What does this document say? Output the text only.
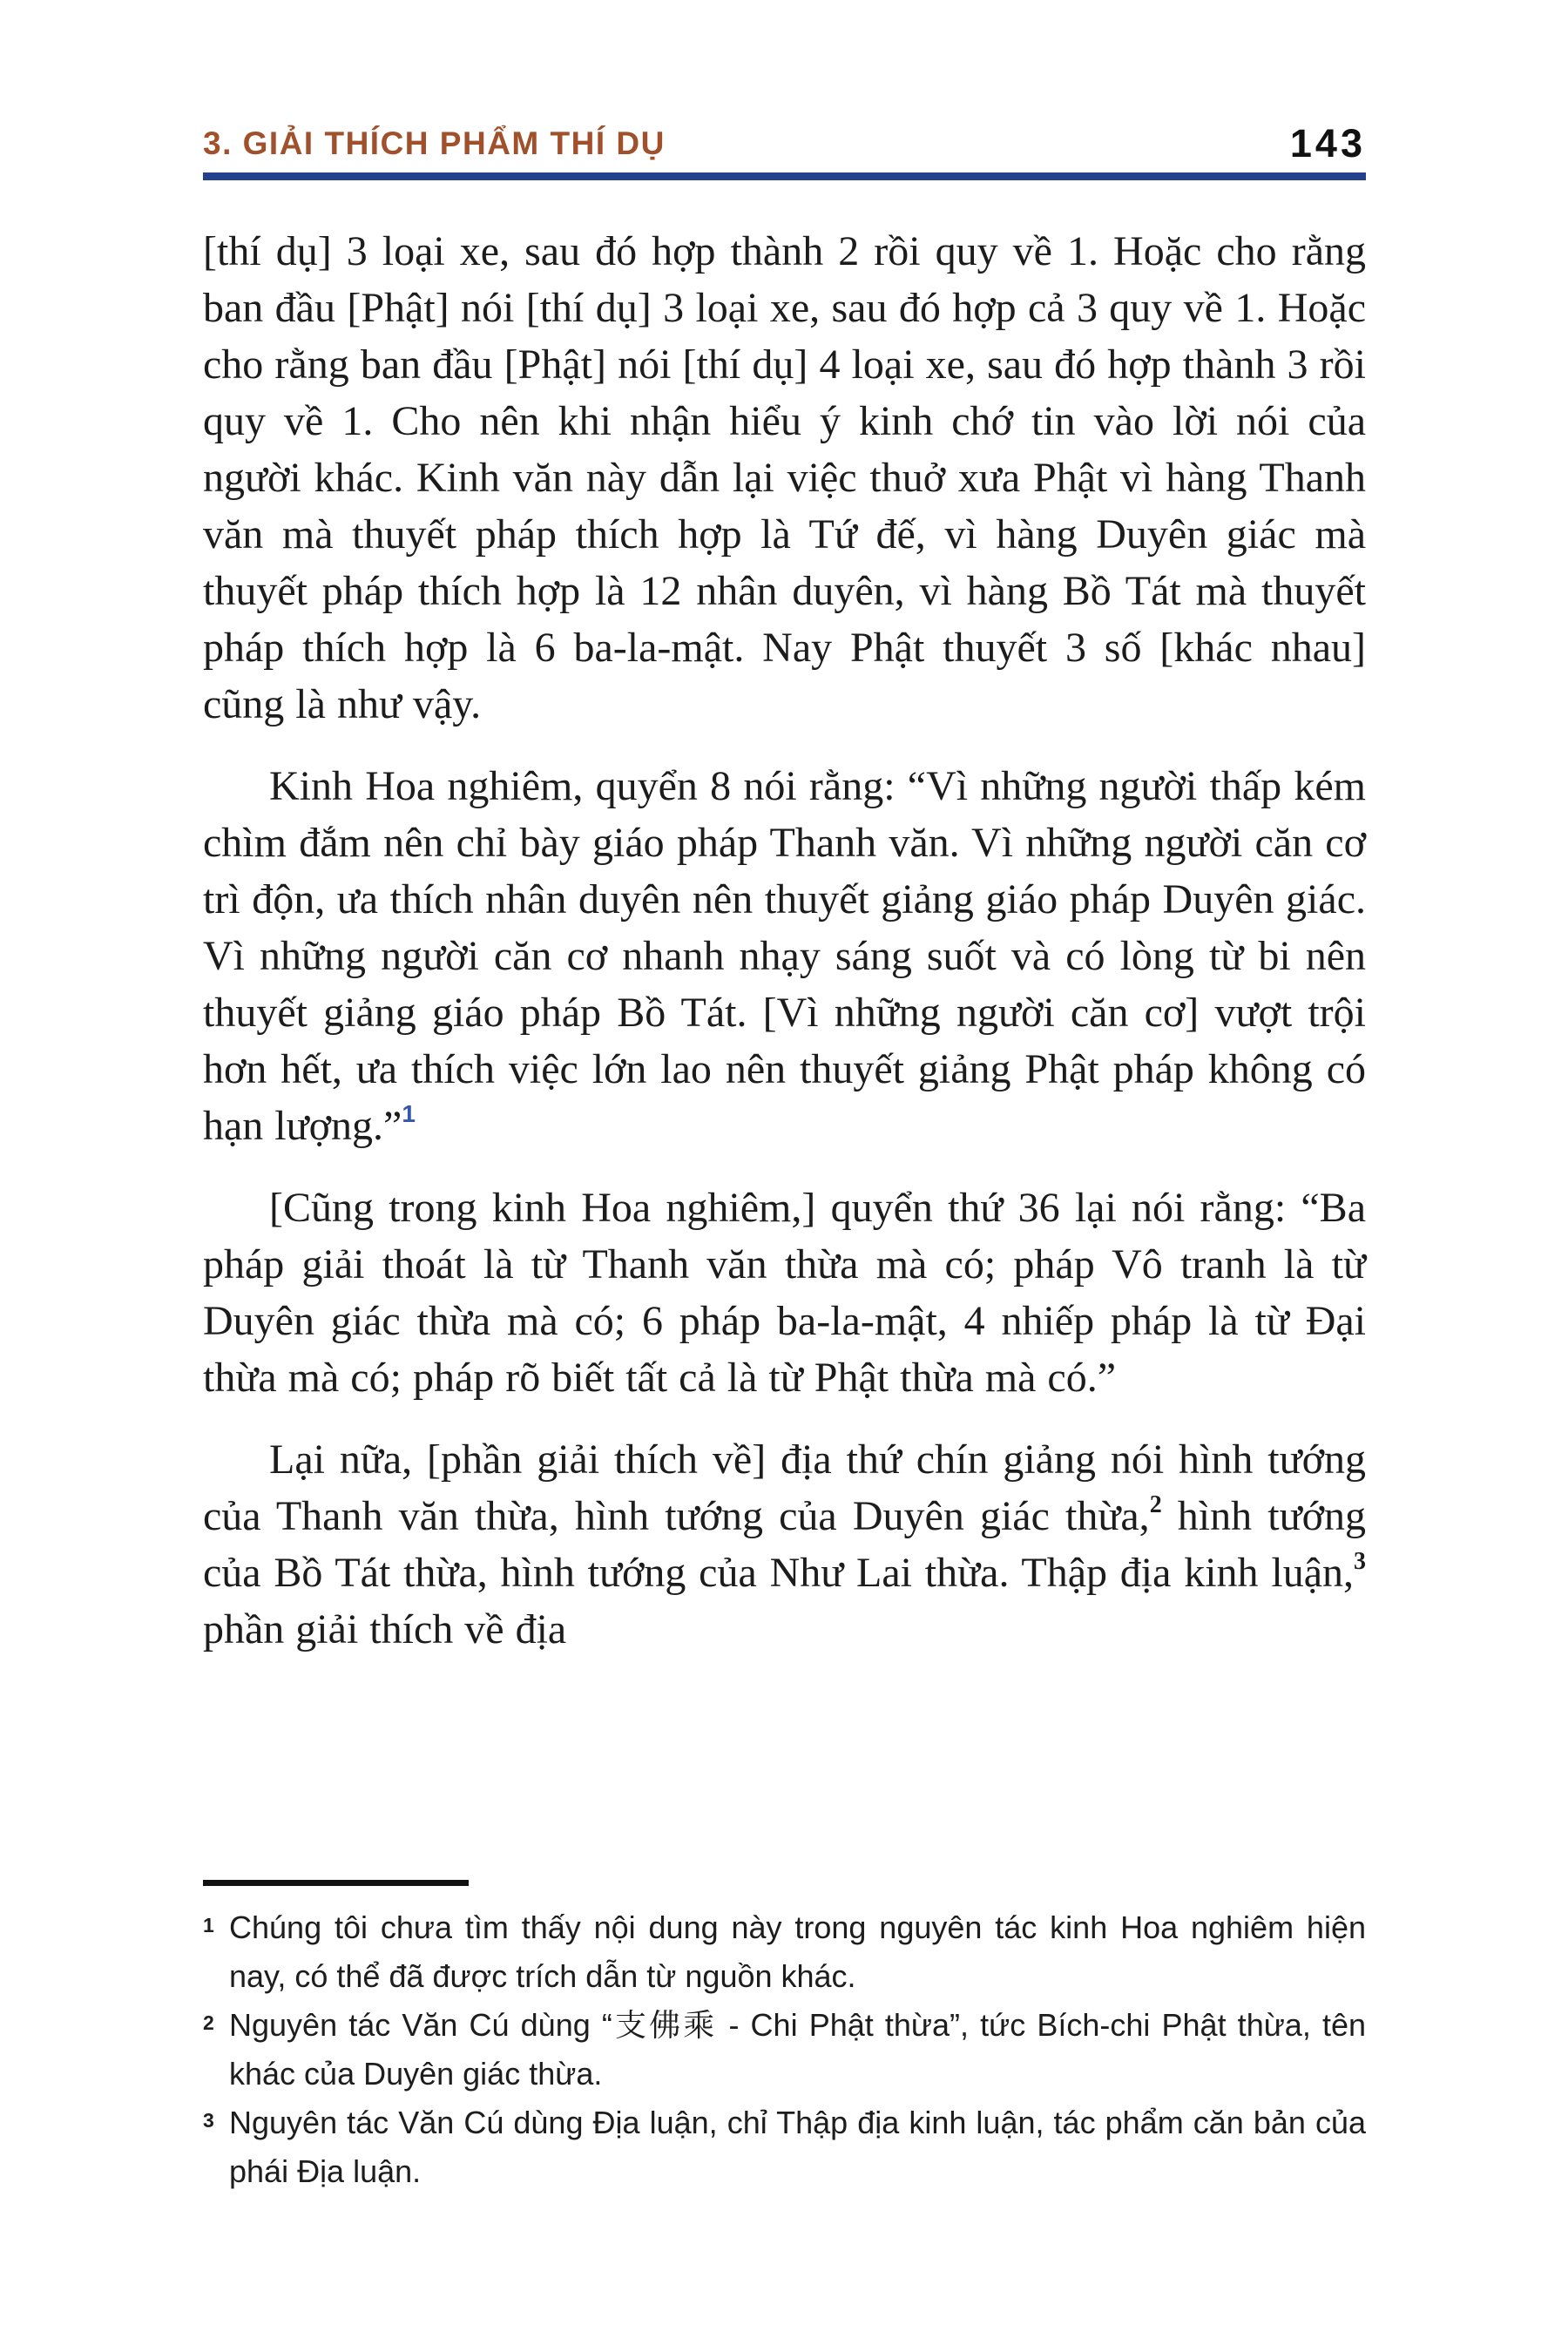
3. GIẢI THÍCH PHẨM THÍ DỤ	143

[thí dụ] 3 loại xe, sau đó hợp thành 2 rồi quy về 1. Hoặc cho rằng ban đầu [Phật] nói [thí dụ] 3 loại xe, sau đó hợp cả 3 quy về 1. Hoặc cho rằng ban đầu [Phật] nói [thí dụ] 4 loại xe, sau đó hợp thành 3 rồi quy về 1. Cho nên khi nhận hiểu ý kinh chớ tin vào lời nói của người khác. Kinh văn này dẫn lại việc thuở xưa Phật vì hàng Thanh văn mà thuyết pháp thích hợp là Tứ đế, vì hàng Duyên giác mà thuyết pháp thích hợp là 12 nhân duyên, vì hàng Bồ Tát mà thuyết pháp thích hợp là 6 ba-la-mật. Nay Phật thuyết 3 số [khác nhau] cũng là như vậy.

Kinh Hoa nghiêm, quyển 8 nói rằng: “Vì những người thấp kém chìm đắm nên chỉ bày giáo pháp Thanh văn. Vì những người căn cơ trì độn, ưa thích nhân duyên nên thuyết giảng giáo pháp Duyên giác. Vì những người căn cơ nhanh nhạy sáng suốt và có lòng từ bi nên thuyết giảng giáo pháp Bồ Tát. [Vì những người căn cơ] vượt trội hơn hết, ưa thích việc lớn lao nên thuyết giảng Phật pháp không có hạn lượng.”$^1$

[Cũng trong kinh Hoa nghiêm,] quyển thứ 36 lại nói rằng: “Ba pháp giải thoát là từ Thanh văn thừa mà có; pháp Vô tranh là từ Duyên giác thừa mà có; 6 pháp ba-la-mật, 4 nhiếp pháp là từ Đại thừa mà có; pháp rõ biết tất cả là từ Phật thừa mà có.”

Lại nữa, [phần giải thích về] địa thứ chín giảng nói hình tướng của Thanh văn thừa, hình tướng của Duyên giác thừa,$^2$ hình tướng của Bồ Tát thừa, hình tướng của Như Lai thừa. Thập địa kinh luận,$^3$ phần giải thích về địa

1 Chúng tôi chưa tìm thấy nội dung này trong nguyên tác kinh Hoa nghiêm hiện nay, có thể đã được trích dẫn từ nguồn khác.
2 Nguyên tác Văn Cú dùng “支佛乘 - Chi Phật thừa”, tức Bích-chi Phật thừa, tên khác của Duyên giác thừa.
3 Nguyên tác Văn Cú dùng Địa luận, chỉ Thập địa kinh luận, tác phẩm căn bản của phái Địa luận.
